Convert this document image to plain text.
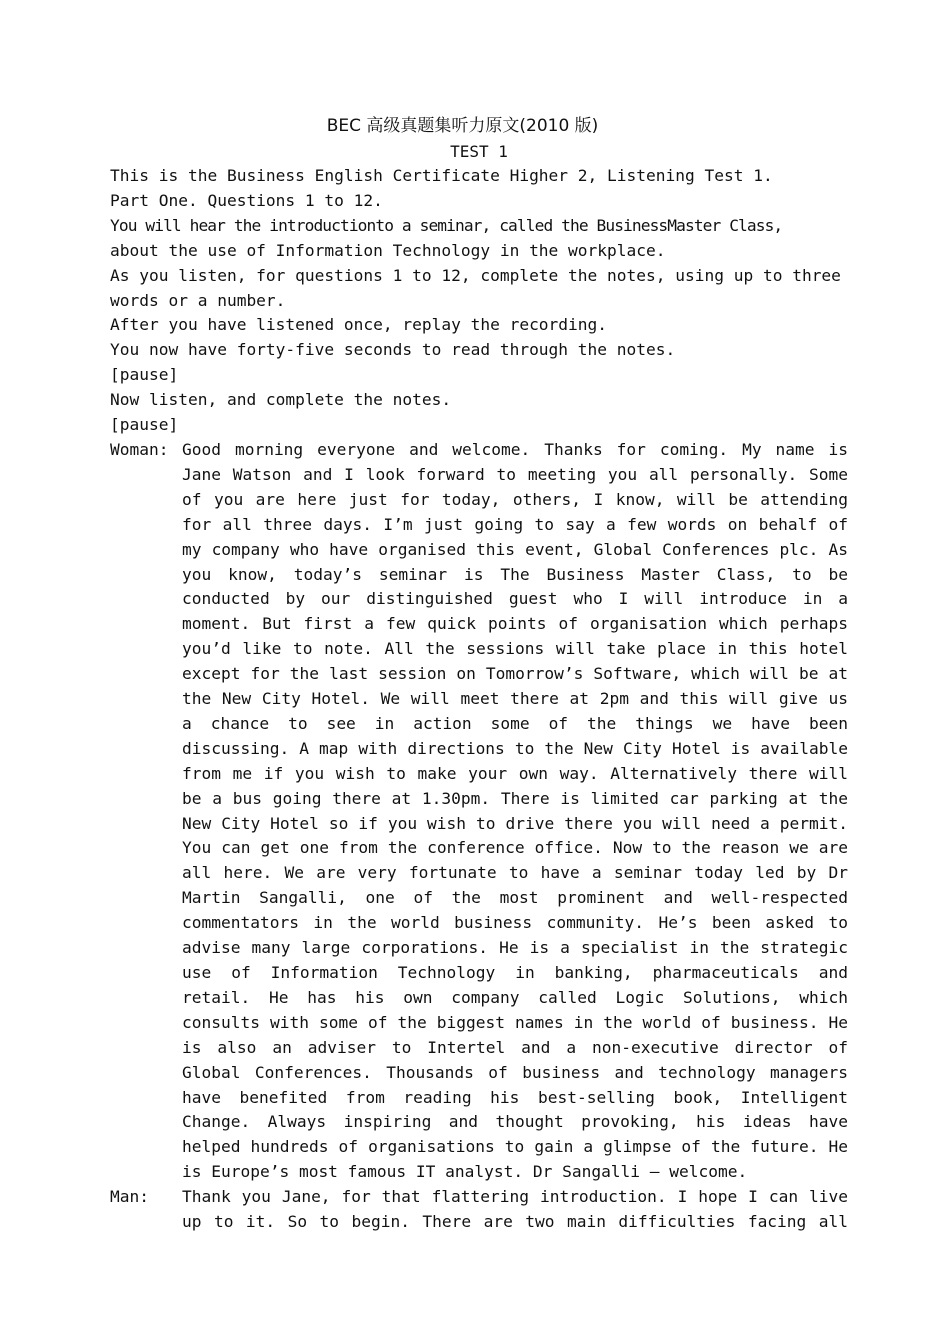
BEC 高级真题集听力原文(2010 版)
TEST 1
This is the Business English Certificate Higher 2, Listening Test 1.
Part One. Questions 1 to 12.
You will hear the introductionto a seminar, called the BusinessMaster Class,
about the use of Information Technology in the workplace.
As you listen, for questions 1 to 12, complete the notes, using up to three
words or a number.
After you have listened once, replay the recording.
You now have forty-five seconds to read through the notes.
[pause]
Now listen, and complete the notes.
[pause]
Woman: Good morning everyone and welcome. Thanks for coming. My name is Jane Watson and I look forward to meeting you all personally. Some of you are here just for today, others, I know, will be attending for all three days. I’m just going to say a few words on behalf of my company who have organised this event, Global Conferences plc. As you know, today’s seminar is The Business Master Class, to be conducted by our distinguished guest who I will introduce in a moment. But first a few quick points of organisation which perhaps you’d like to note. All the sessions will take place in this hotel except for the last session on Tomorrow’s Software, which will be at the New City Hotel. We will meet there at 2pm and this will give us a chance to see in action some of the things we have been discussing. A map with directions to the New City Hotel is available from me if you wish to make your own way. Alternatively there will be a bus going there at 1.30pm. There is limited car parking at the New City Hotel so if you wish to drive there you will need a permit. You can get one from the conference office. Now to the reason we are all here. We are very fortunate to have a seminar today led by Dr Martin Sangalli, one of the most prominent and well-respected commentators in the world business community. He’s been asked to advise many large corporations. He is a specialist in the strategic use of Information Technology in banking, pharmaceuticals and retail. He has his own company called Logic Solutions, which consults with some of the biggest names in the world of business. He is also an adviser to Intertel and a non-executive director of Global Conferences. Thousands of business and technology managers have benefited from reading his best-selling book, Intelligent Change. Always inspiring and thought provoking, his ideas have helped hundreds of organisations to gain a glimpse of the future. He is Europe’s most famous IT analyst. Dr Sangalli – welcome.
Man:	Thank you Jane, for that flattering introduction. I hope I can live up to it. So to begin. There are two main difficulties facing all
